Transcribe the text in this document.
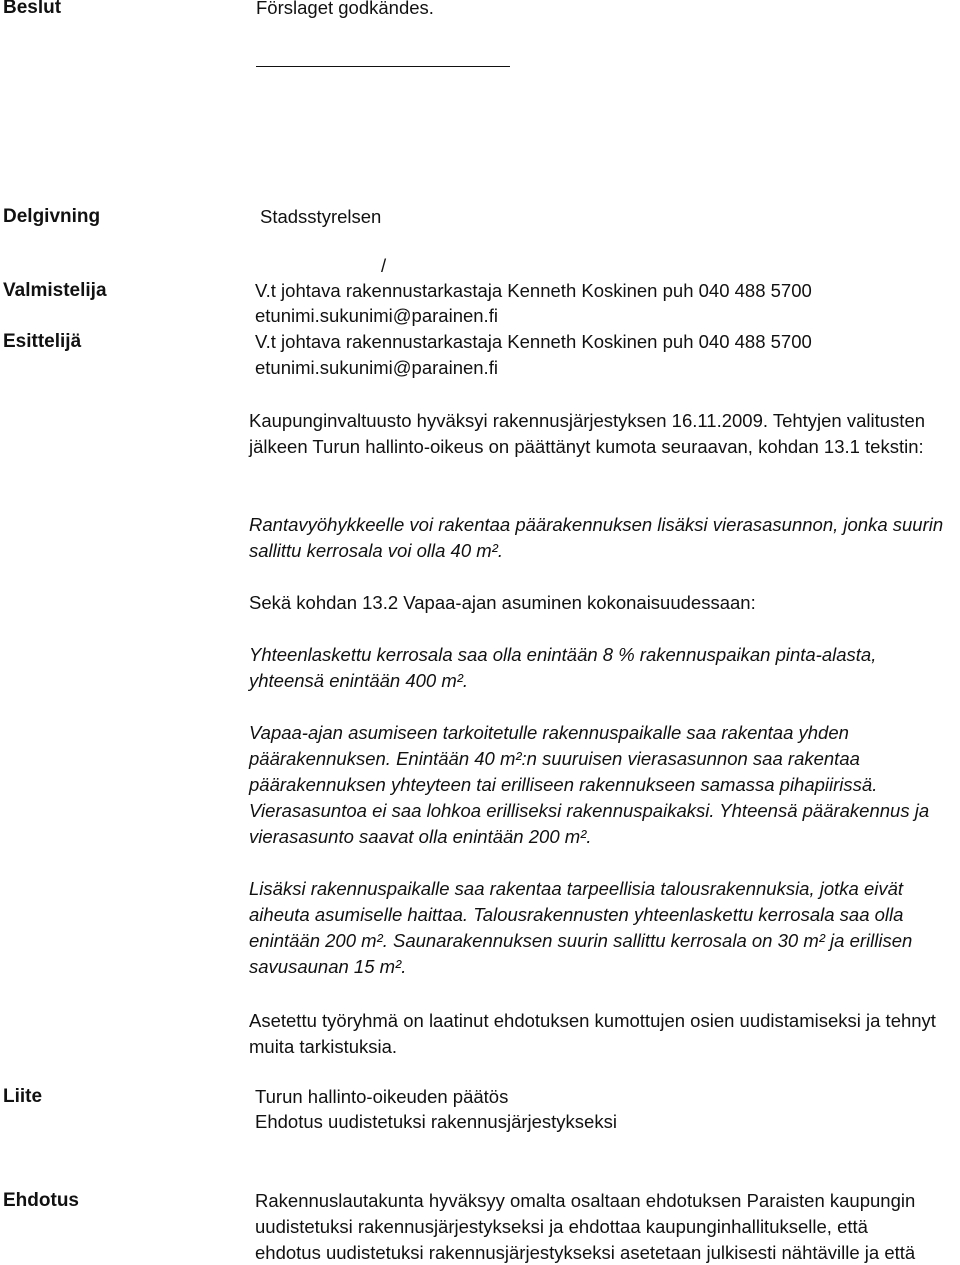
Beslut	Förslaget godkändes.
Delgivning	Stadsstyrelsen
/
Valmistelija	V.t johtava rakennustarkastaja Kenneth Koskinen puh 040 488 5700
etunimi.sukunimi@parainen.fi
Esittelijä	V.t johtava rakennustarkastaja Kenneth Koskinen puh 040 488 5700
etunimi.sukunimi@parainen.fi
Kaupunginvaltuusto hyväksyi rakennusjärjestyksen 16.11.2009. Tehtyjen valitusten jälkeen Turun hallinto-oikeus on päättänyt kumota seuraavan, kohdan 13.1 tekstin:
Rantavyöhykkeelle voi rakentaa päärakennuksen lisäksi vierasasunnon, jonka suurin sallittu kerrosala voi olla 40 m².
Sekä kohdan 13.2 Vapaa-ajan asuminen kokonaisuudessaan:
Yhteenlaskettu kerrosala saa olla enintään 8 % rakennuspaikan pinta-alasta, yhteensä enintään 400 m².
Vapaa-ajan asumiseen tarkoitetulle rakennuspaikalle saa rakentaa yhden päärakennuksen. Enintään 40 m²:n suuruisen vierasasunnon saa rakentaa päärakennuksen yhteyteen tai erilliseen rakennukseen samassa pihapiirissä. Vierasasuntoa ei saa lohkoa erilliseksi rakennuspaikaksi. Yhteensä päärakennus ja vierasasunto saavat olla enintään 200 m².
Lisäksi rakennuspaikalle saa rakentaa tarpeellisia talousrakennuksia, jotka eivät aiheuta asumiselle haittaa. Talousrakennusten yhteenlaskettu kerrosala saa olla enintään 200 m². Saunarakennuksen suurin sallittu kerrosala on 30 m² ja erillisen savusaunan 15 m².
Asetettu työryhmä on laatinut ehdotuksen kumottujen osien uudistamiseksi ja tehnyt muita tarkistuksia.
Liite	Turun hallinto-oikeuden päätös
Ehdotus uudistetuksi rakennusjärjestykseksi
Ehdotus	Rakennuslautakunta hyväksyy omalta osaltaan ehdotuksen Paraisten kaupungin
uudistetuksi rakennusjärjestykseksi ja ehdottaa kaupunginhallitukselle, että
ehdotus uudistetuksi rakennusjärjestykseksi asetetaan julkisesti nähtäville ja että
